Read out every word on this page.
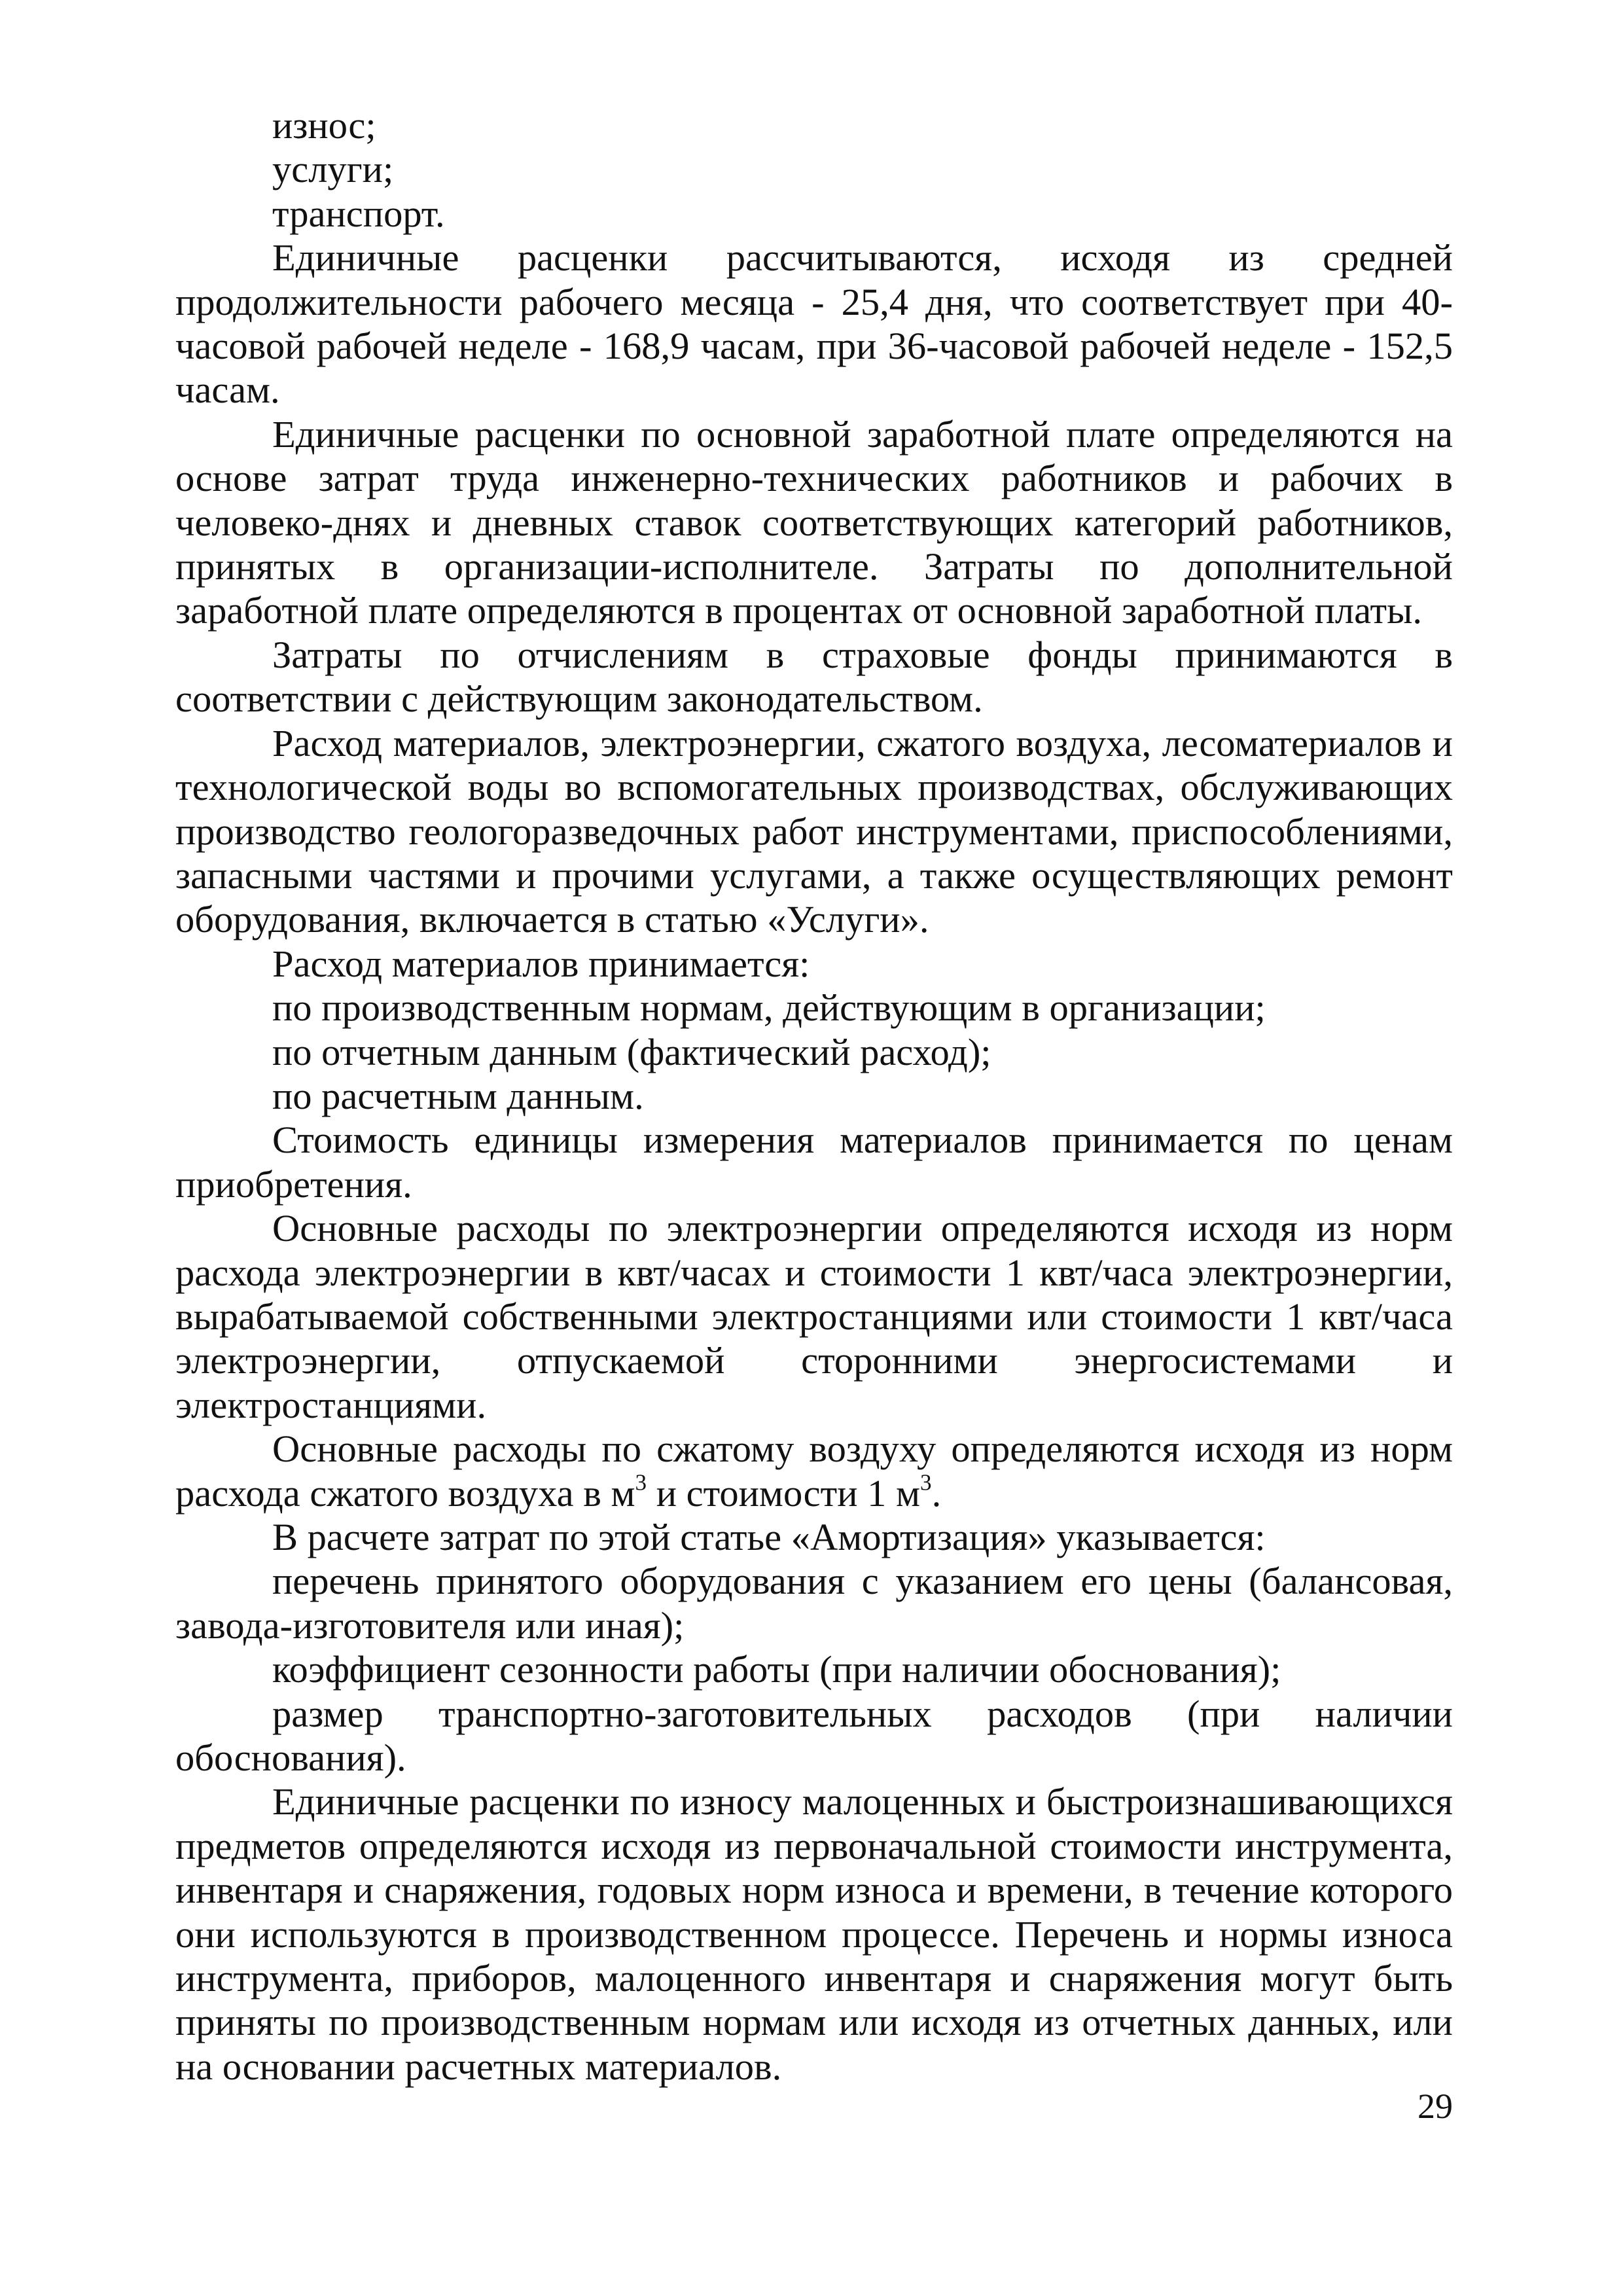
износ;

услуги;

транспорт.

Единичные расценки рассчитываются, исходя из средней продолжительности рабочего месяца - 25,4 дня, что соответствует при 40-часовой рабочей неделе - 168,9 часам, при 36-часовой рабочей неделе - 152,5 часам.

Единичные расценки по основной заработной плате определяются на основе затрат труда инженерно-технических работников и рабочих в человеко-днях и дневных ставок соответствующих категорий работников, принятых в организации-исполнителе. Затраты по дополнительной заработной плате определяются в процентах от основной заработной платы.

Затраты по отчислениям в страховые фонды принимаются в соответствии с действующим законодательством.

Расход материалов, электроэнергии, сжатого воздуха, лесоматериалов и технологической воды во вспомогательных производствах, обслуживающих производство геологоразведочных работ инструментами, приспособлениями, запасными частями и прочими услугами, а также осуществляющих ремонт оборудования, включается в статью «Услуги».

Расход материалов принимается:

по производственным нормам, действующим в организации;

по отчетным данным (фактический расход);

по расчетным данным.

Стоимость единицы измерения материалов принимается по ценам приобретения.

Основные расходы по электроэнергии определяются исходя из норм расхода электроэнергии в квт/часах и стоимости 1 квт/часа электроэнергии, вырабатываемой собственными электростанциями или стоимости 1 квт/часа электроэнергии, отпускаемой сторонними энергосистемами и электростанциями.

Основные расходы по сжатому воздуху определяются исходя из норм расхода сжатого воздуха в $м^3$ и стоимости 1 $м^3$.

В расчете затрат по этой статье «Амортизация» указывается:

перечень принятого оборудования с указанием его цены (балансовая, завода-изготовителя или иная);

коэффициент сезонности работы (при наличии обоснования);

размер транспортно-заготовительных расходов (при наличии обоснования).

Единичные расценки по износу малоценных и быстроизнашивающихся предметов определяются исходя из первоначальной стоимости инструмента, инвентаря и снаряжения, годовых норм износа и времени, в течение которого они используются в производственном процессе. Перечень и нормы износа инструмента, приборов, малоценного инвентаря и снаряжения могут быть приняты по производственным нормам или исходя из отчетных данных, или на основании расчетных материалов.

29
